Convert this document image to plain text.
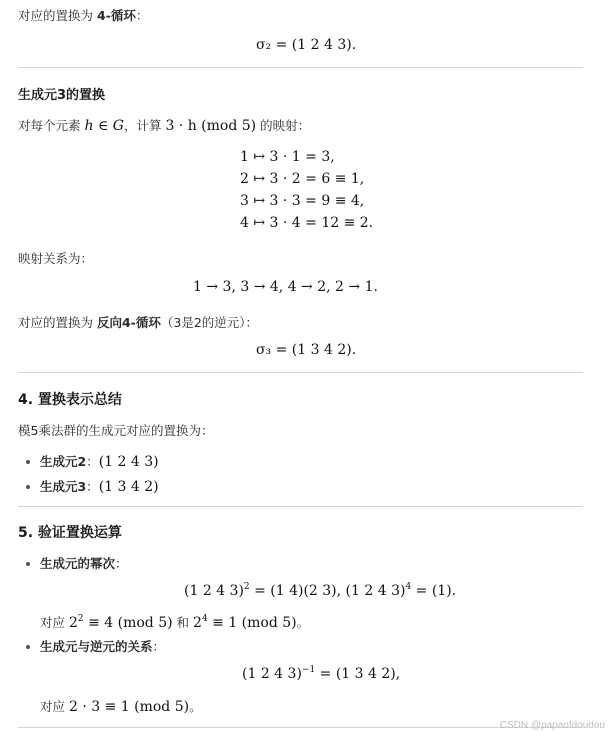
对应的置换为 4-循环：
σ₂ = (1 2 4 3).
生成元3的置换
对每个元素 h ∈ G，计算 3 · h (mod 5) 的映射：
1 ↦ 3 · 1 = 3,
2 ↦ 3 · 2 = 6 ≡ 1,
3 ↦ 3 · 3 = 9 ≡ 4,
4 ↦ 3 · 4 = 12 ≡ 2.
映射关系为：
1 → 3, 3 → 4, 4 → 2, 2 → 1.
对应的置换为 反向4-循环（3是2的逆元）：
σ₃ = (1 3 4 2).
4. 置换表示总结
模5乘法群的生成元对应的置换为：
生成元2：(1 2 4 3)
生成元3：(1 3 4 2)
5. 验证置换运算
生成元的幂次：
(1 2 4 3)$^2$ = (1 4)(2 3), (1 2 4 3)$^4$ = (1).
对应 $2^2 \equiv 4$ (mod 5) 和 $2^4 \equiv 1$ (mod 5)。
生成元与逆元的关系：
(1 2 4 3)$^{-1}$ = (1 3 4 2),
对应 2 · 3 ≡ 1 (mod 5)。
CSDN @papaofdoudou
